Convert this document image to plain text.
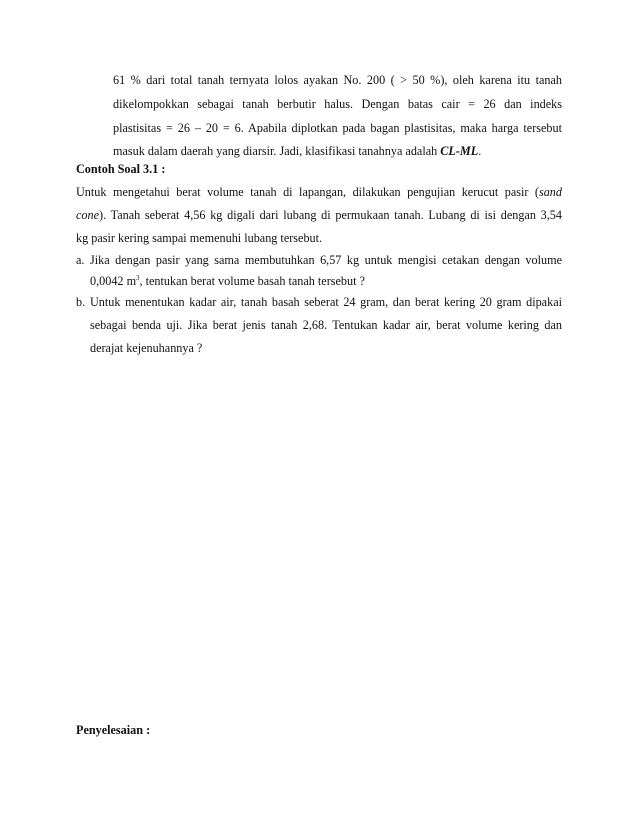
61 % dari total tanah ternyata lolos ayakan No. 200 ( > 50 %), oleh karena itu tanah
dikelompokkan sebagai tanah berbutir halus. Dengan batas cair = 26 dan indeks
plastisitas = 26 – 20 = 6. Apabila diplotkan pada bagan plastisitas, maka harga tersebut
masuk dalam daerah yang diarsir. Jadi, klasifikasi tanahnya adalah CL-ML.
Contoh Soal 3.1 :
Untuk mengetahui berat volume tanah di lapangan, dilakukan pengujian kerucut pasir (sand
cone). Tanah seberat 4,56 kg digali dari lubang di permukaan tanah. Lubang di isi dengan 3,54
kg pasir kering sampai memenuhi lubang tersebut.
a. Jika dengan pasir yang sama membutuhkan 6,57 kg untuk mengisi cetakan dengan volume
0,0042 $m^3$, tentukan berat volume basah tanah tersebut ?
b. Untuk menentukan kadar air, tanah basah seberat 24 gram, dan berat kering 20 gram dipakai
sebagai benda uji. Jika berat jenis tanah 2,68. Tentukan kadar air, berat volume kering dan
derajat kejenuhannya ?
Penyelesaian :
